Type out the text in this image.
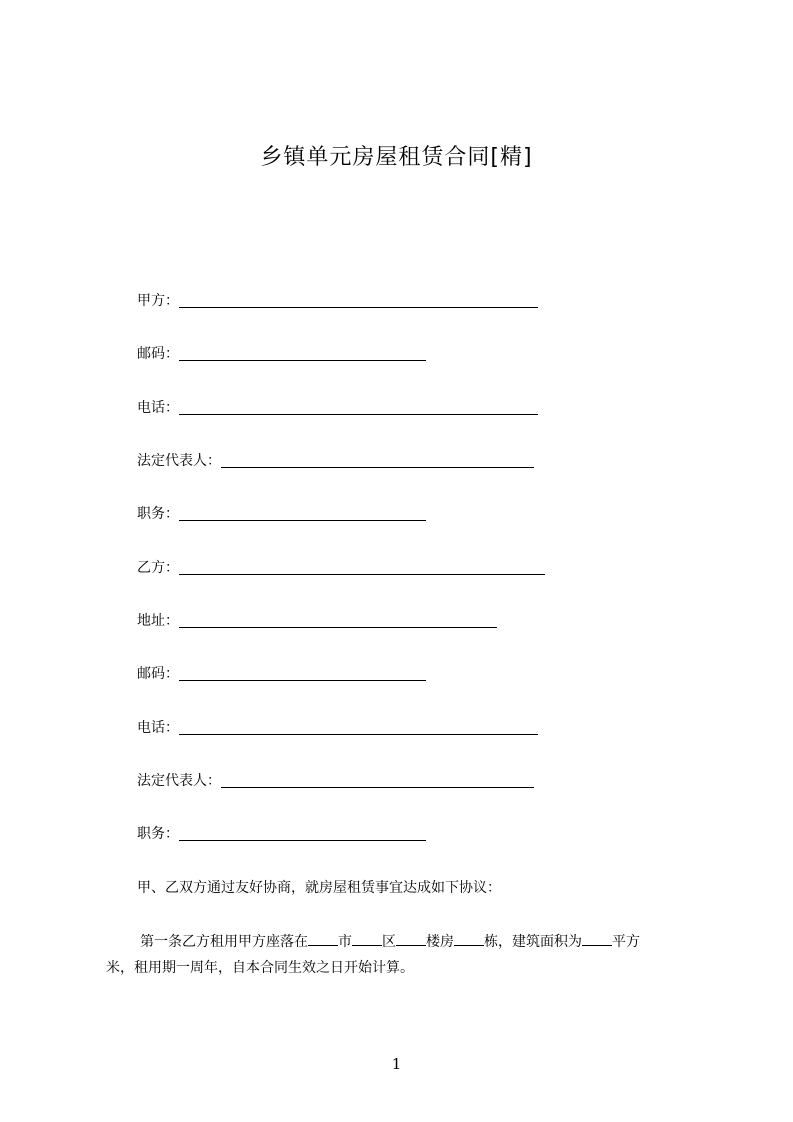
乡镇单元房屋租赁合同[精]
甲方：
邮码：
电话：
法定代表人：
职务：
乙方：
地址：
邮码：
电话：
法定代表人：
职务：
甲、乙双方通过友好协商，就房屋租赁事宜达成如下协议：
第一条乙方租用甲方座落在 市 区 楼房 栋，建筑面积为 平方
米，租用期一周年，自本合同生效之日开始计算。
1
